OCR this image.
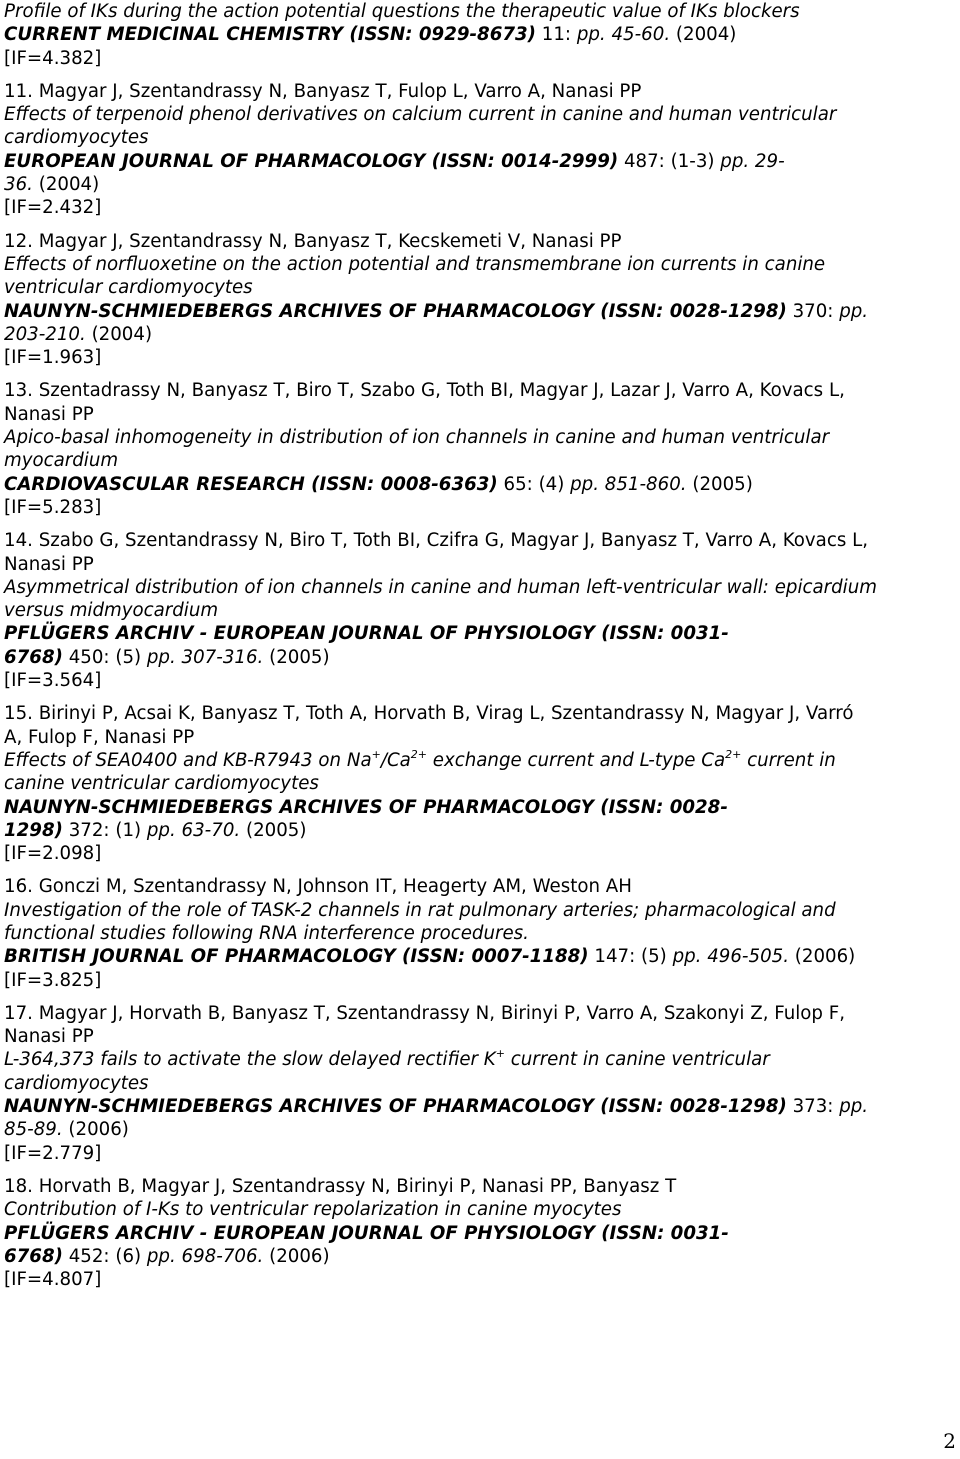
Profile of IKs during the action potential questions the therapeutic value of IKs blockers
CURRENT MEDICINAL CHEMISTRY (ISSN: 0929-8673) 11: pp. 45-60. (2004)
[IF=4.382]
11. Magyar J, Szentandrassy N, Banyasz T, Fulop L, Varro A, Nanasi PP
Effects of terpenoid phenol derivatives on calcium current in canine and human ventricular
cardiomyocytes
EUROPEAN JOURNAL OF PHARMACOLOGY (ISSN: 0014-2999) 487: (1-3) pp. 29-
36. (2004)
[IF=2.432]
12. Magyar J, Szentandrassy N, Banyasz T, Kecskemeti V, Nanasi PP
Effects of norfluoxetine on the action potential and transmembrane ion currents in canine
ventricular cardiomyocytes
NAUNYN-SCHMIEDEBERGS ARCHIVES OF PHARMACOLOGY (ISSN: 0028-1298) 370: pp.
203-210. (2004)
[IF=1.963]
13. Szentadrassy N, Banyasz T, Biro T, Szabo G, Toth BI, Magyar J, Lazar J, Varro A, Kovacs L,
Nanasi PP
Apico-basal inhomogeneity in distribution of ion channels in canine and human ventricular
myocardium
CARDIOVASCULAR RESEARCH (ISSN: 0008-6363) 65: (4) pp. 851-860. (2005)
[IF=5.283]
14. Szabo G, Szentandrassy N, Biro T, Toth BI, Czifra G, Magyar J, Banyasz T, Varro A, Kovacs L,
Nanasi PP
Asymmetrical distribution of ion channels in canine and human left-ventricular wall: epicardium
versus midmyocardium
PFLÜGERS ARCHIV - EUROPEAN JOURNAL OF PHYSIOLOGY (ISSN: 0031-
6768) 450: (5) pp. 307-316. (2005)
[IF=3.564]
15. Birinyi P, Acsai K, Banyasz T, Toth A, Horvath B, Virag L, Szentandrassy N, Magyar J, Varró
A, Fulop F, Nanasi PP
Effects of SEA0400 and KB-R7943 on $Na^+/Ca^{2+}$ exchange current and L-type $Ca^{2+}$ current in
canine ventricular cardiomyocytes
NAUNYN-SCHMIEDEBERGS ARCHIVES OF PHARMACOLOGY (ISSN: 0028-
1298) 372: (1) pp. 63-70. (2005)
[IF=2.098]
16. Gonczi M, Szentandrassy N, Johnson IT, Heagerty AM, Weston AH
Investigation of the role of TASK-2 channels in rat pulmonary arteries; pharmacological and
functional studies following RNA interference procedures.
BRITISH JOURNAL OF PHARMACOLOGY (ISSN: 0007-1188) 147: (5) pp. 496-505. (2006)
[IF=3.825]
17. Magyar J, Horvath B, Banyasz T, Szentandrassy N, Birinyi P, Varro A, Szakonyi Z, Fulop F,
Nanasi PP
L-364,373 fails to activate the slow delayed rectifier K+ current in canine ventricular
cardiomyocytes
NAUNYN-SCHMIEDEBERGS ARCHIVES OF PHARMACOLOGY (ISSN: 0028-1298) 373: pp.
85-89. (2006)
[IF=2.779]
18. Horvath B, Magyar J, Szentandrassy N, Birinyi P, Nanasi PP, Banyasz T
Contribution of I-Ks to ventricular repolarization in canine myocytes
PFLÜGERS ARCHIV - EUROPEAN JOURNAL OF PHYSIOLOGY (ISSN: 0031-
6768) 452: (6) pp. 698-706. (2006)
[IF=4.807]
2
